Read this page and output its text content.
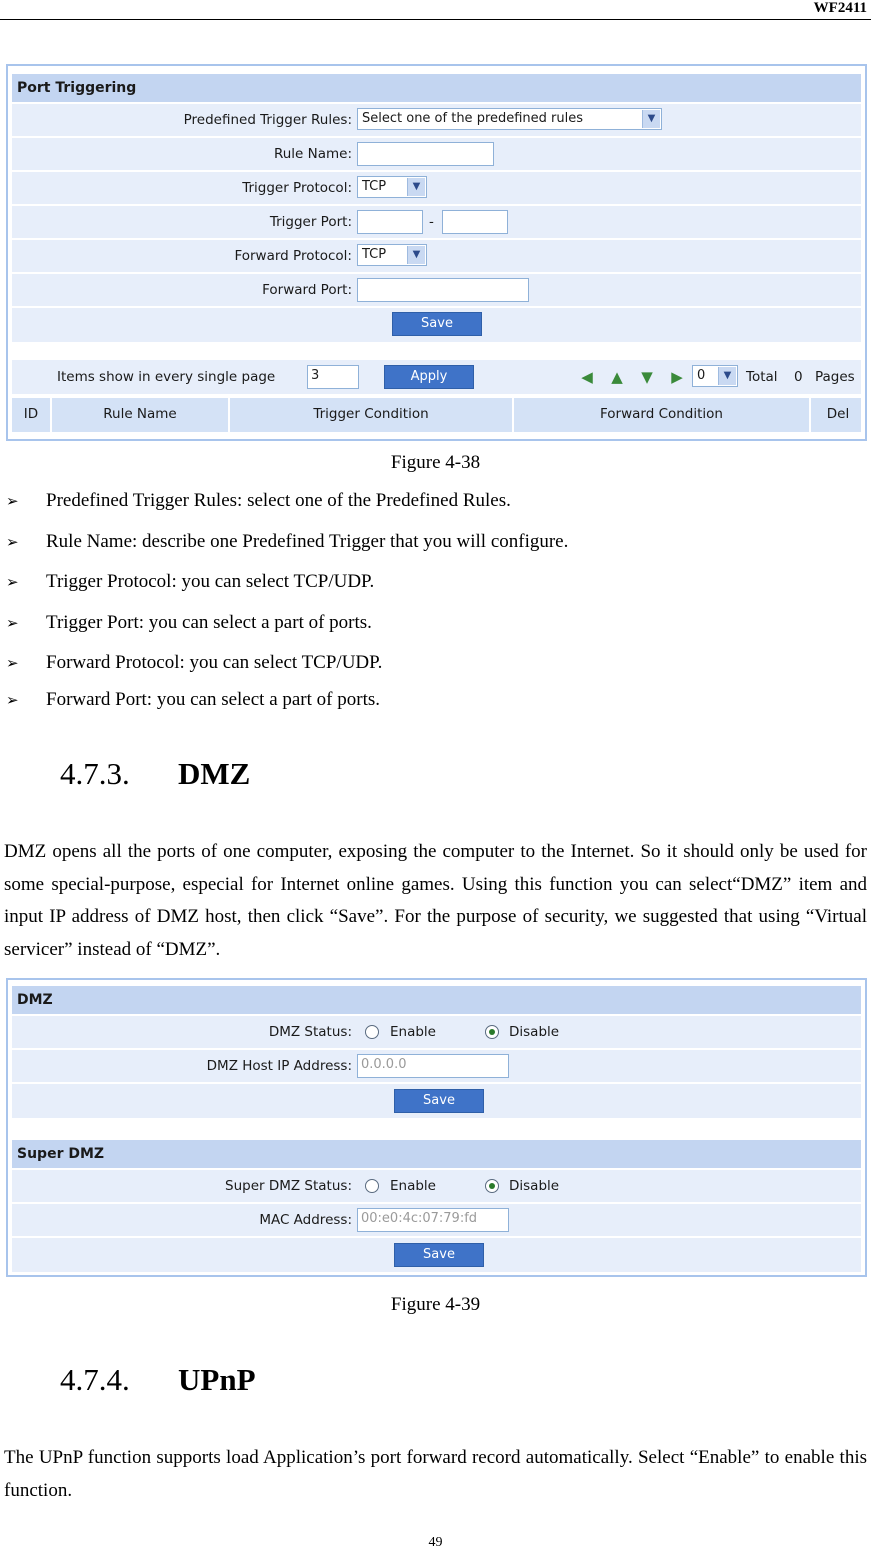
WF2411
Port Triggering
Predefined Trigger Rules: Select one of the predefined rules	▼
Rule Name:
Trigger Protocol: TCP	▼
Trigger Port:	-
Forward Protocol: TCP	▼
Forward Port:
Save
Items show in every single page	3	Apply	◀ ▲ ▼ ▶	0	▼	Total 0 Pages
ID	Rule Name	Trigger Condition	Forward Condition	Del
Figure 4-38
➢	Predefined Trigger Rules: select one of the Predefined Rules.
➢	Rule Name: describe one Predefined Trigger that you will configure.
➢	Trigger Protocol: you can select TCP/UDP.
➢	Trigger Port: you can select a part of ports.
➢	Forward Protocol: you can select TCP/UDP.
➢	Forward Port: you can select a part of ports.
4.7.3. DMZ
DMZ opens all the ports of one computer, exposing the computer to the Internet. So it should only be used for some special-purpose, especial for Internet online games. Using this function you can select“DMZ” item and input IP address of DMZ host, then click “Save”. For the purpose of security, we suggested that using “Virtual servicer” instead of “DMZ”.
DMZ
DMZ Status:	Enable	Disable
DMZ Host IP Address: 0.0.0.0
Save
Super DMZ
Super DMZ Status:	Enable	Disable
MAC Address: 00:e0:4c:07:79:fd
Save
Figure 4-39
4.7.4. UPnP
The UPnP function supports load Application’s port forward record automatically. Select “Enable” to enable this function.
49
